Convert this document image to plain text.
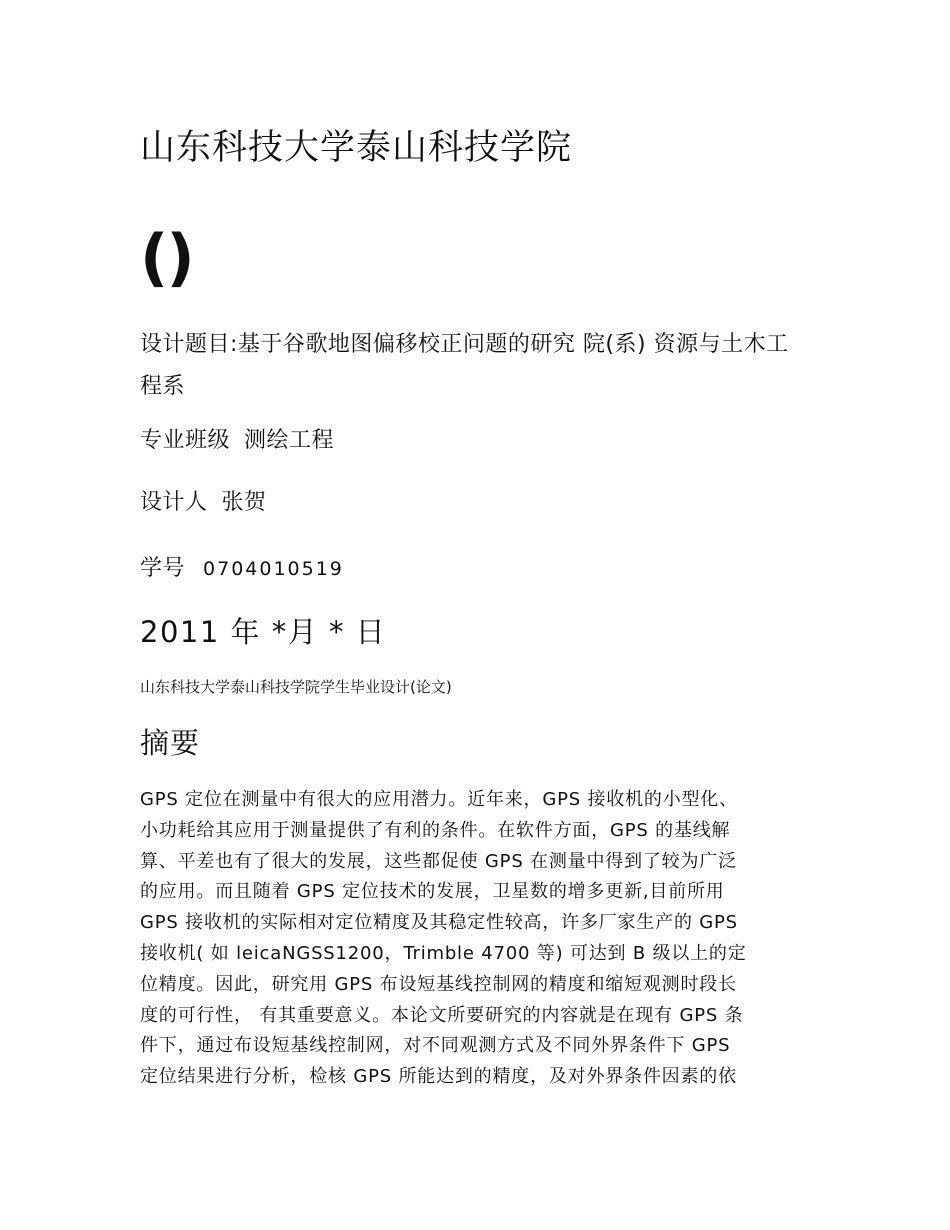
山东科技大学泰山科技学院
()
设计题目:基于谷歌地图偏移校正问题的研究 院(系) 资源与土木工程系
专业班级 测绘工程
设计人 张贺
学号 0704010519
2011 年 *月 * 日
山东科技大学泰山科技学院学生毕业设计(论文)
摘要
GPS 定位在测量中有很大的应用潜力。近年来，GPS 接收机的小型化、
小功耗给其应用于测量提供了有利的条件。在软件方面，GPS 的基线解
算、平差也有了很大的发展，这些都促使 GPS 在测量中得到了较为广泛
的应用。而且随着 GPS 定位技术的发展，卫星数的增多更新,目前所用
GPS 接收机的实际相对定位精度及其稳定性较高，许多厂家生产的 GPS
接收机( 如 leicaNGSS1200，Trimble 4700 等) 可达到 B 级以上的定
位精度。因此，研究用 GPS 布设短基线控制网的精度和缩短观测时段长
度的可行性， 有其重要意义。本论文所要研究的内容就是在现有 GPS 条
件下，通过布设短基线控制网，对不同观测方式及不同外界条件下 GPS
定位结果进行分析，检核 GPS 所能达到的精度，及对外界条件因素的依
